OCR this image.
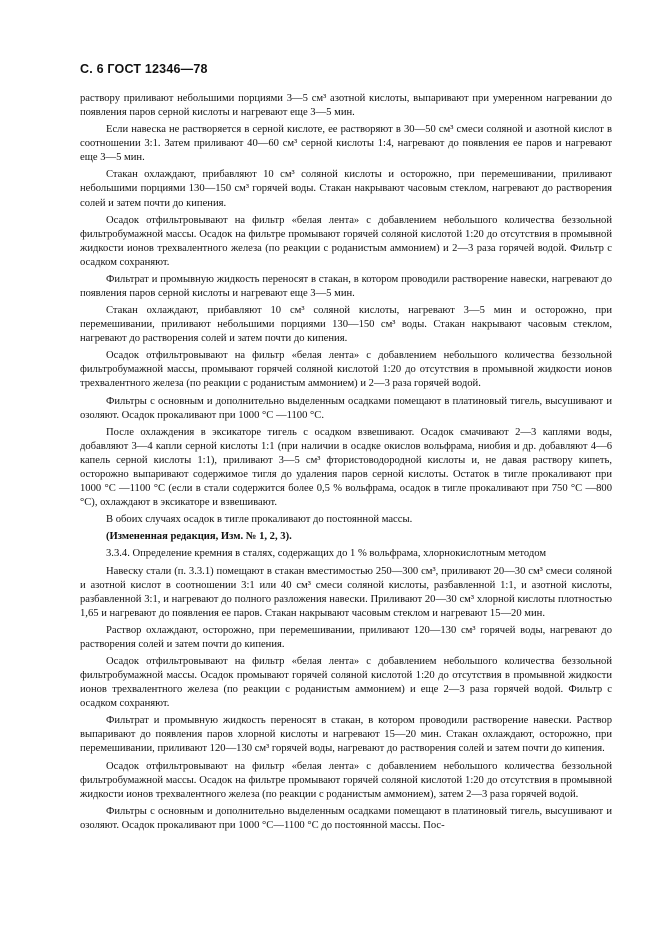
С. 6 ГОСТ 12346—78

раствору приливают небольшими порциями 3—5 см³ азотной кислоты, выпаривают при умеренном нагревании до появления паров серной кислоты и нагревают еще 3—5 мин.

Если навеска не растворяется в серной кислоте, ее растворяют в 30—50 см³ смеси соляной и азотной кислот в соотношении 3:1. Затем приливают 40—60 см³ серной кислоты 1:4, нагревают до появления ее паров и нагревают еще 3—5 мин.

Стакан охлаждают, прибавляют 10 см³ соляной кислоты и осторожно, при перемешивании, приливают небольшими порциями 130—150 см³ горячей воды. Стакан накрывают часовым стеклом, нагревают до растворения солей и затем почти до кипения.

Осадок отфильтровывают на фильтр «белая лента» с добавлением небольшого количества беззольной фильтробумажной массы. Осадок на фильтре промывают горячей соляной кислотой 1:20 до отсутствия в промывной жидкости ионов трехвалентного железа (по реакции с роданистым аммонием) и 2—3 раза горячей водой. Фильтр с осадком сохраняют.

Фильтрат и промывную жидкость переносят в стакан, в котором проводили растворение навески, нагревают до появления паров серной кислоты и нагревают еще 3—5 мин.

Стакан охлаждают, прибавляют 10 см³ соляной кислоты, нагревают 3—5 мин и осторожно, при перемешивании, приливают небольшими порциями 130—150 см³ воды. Стакан накрывают часовым стеклом, нагревают до растворения солей и затем почти до кипения.

Осадок отфильтровывают на фильтр «белая лента» с добавлением небольшого количества беззольной фильтробумажной массы, промывают горячей соляной кислотой 1:20 до отсутствия в промывной жидкости ионов трехвалентного железа (по реакции с роданистым аммонием) и 2—3 раза горячей водой.

Фильтры с основным и дополнительно выделенным осадками помещают в платиновый тигель, высушивают и озоляют. Осадок прокаливают при 1000 °С —1100 °С.

После охлаждения в эксикаторе тигель с осадком взвешивают. Осадок смачивают 2—3 каплями воды, добавляют 3—4 капли серной кислоты 1:1 (при наличии в осадке окислов вольфрама, ниобия и др. добавляют 4—6 капель серной кислоты 1:1), приливают 3—5 см³ фтористоводородной кислоты и, не давая раствору кипеть, осторожно выпаривают содержимое тигля до удаления паров серной кислоты. Остаток в тигле прокаливают при 1000 °С —1100 °С (если в стали содержится более 0,5 % вольфрама, осадок в тигле прокаливают при 750 °С —800 °С), охлаждают в эксикаторе и взвешивают.

В обоих случаях осадок в тигле прокаливают до постоянной массы.

(Измененная редакция, Изм. № 1, 2, 3).

3.3.4. Определение кремния в сталях, содержащих до 1 % вольфрама, хлорнокислотным методом

Навеску стали (п. 3.3.1) помещают в стакан вместимостью 250—300 см³, приливают 20—30 см³ смеси соляной и азотной кислот в соотношении 3:1 или 40 см³ смеси соляной кислоты, разбавленной 1:1, и азотной кислоты, разбавленной 3:1, и нагревают до полного разложения навески. Приливают 20—30 см³ хлорной кислоты плотностью 1,65 и нагревают до появления ее паров. Стакан накрывают часовым стеклом и нагревают 15—20 мин.

Раствор охлаждают, осторожно, при перемешивании, приливают 120—130 см³ горячей воды, нагревают до растворения солей и затем почти до кипения.

Осадок отфильтровывают на фильтр «белая лента» с добавлением небольшого количества беззольной фильтробумажной массы. Осадок промывают горячей соляной кислотой 1:20 до отсутствия в промывной жидкости ионов трехвалентного железа (по реакции с роданистым аммонием) и еще 2—3 раза горячей водой. Фильтр с осадком сохраняют.

Фильтрат и промывную жидкость переносят в стакан, в котором проводили растворение навески. Раствор выпаривают до появления паров хлорной кислоты и нагревают 15—20 мин. Стакан охлаждают, осторожно, при перемешивании, приливают 120—130 см³ горячей воды, нагревают до растворения солей и затем почти до кипения.

Осадок отфильтровывают на фильтр «белая лента» с добавлением небольшого количества беззольной фильтробумажной массы. Осадок на фильтре промывают горячей соляной кислотой 1:20 до отсутствия в промывной жидкости ионов трехвалентного железа (по реакции с роданистым аммонием), затем 2—3 раза горячей водой.

Фильтры с основным и дополнительно выделенным осадками помещают в платиновый тигель, высушивают и озоляют. Осадок прокаливают при 1000 °С—1100 °С до постоянной массы. Пос-
